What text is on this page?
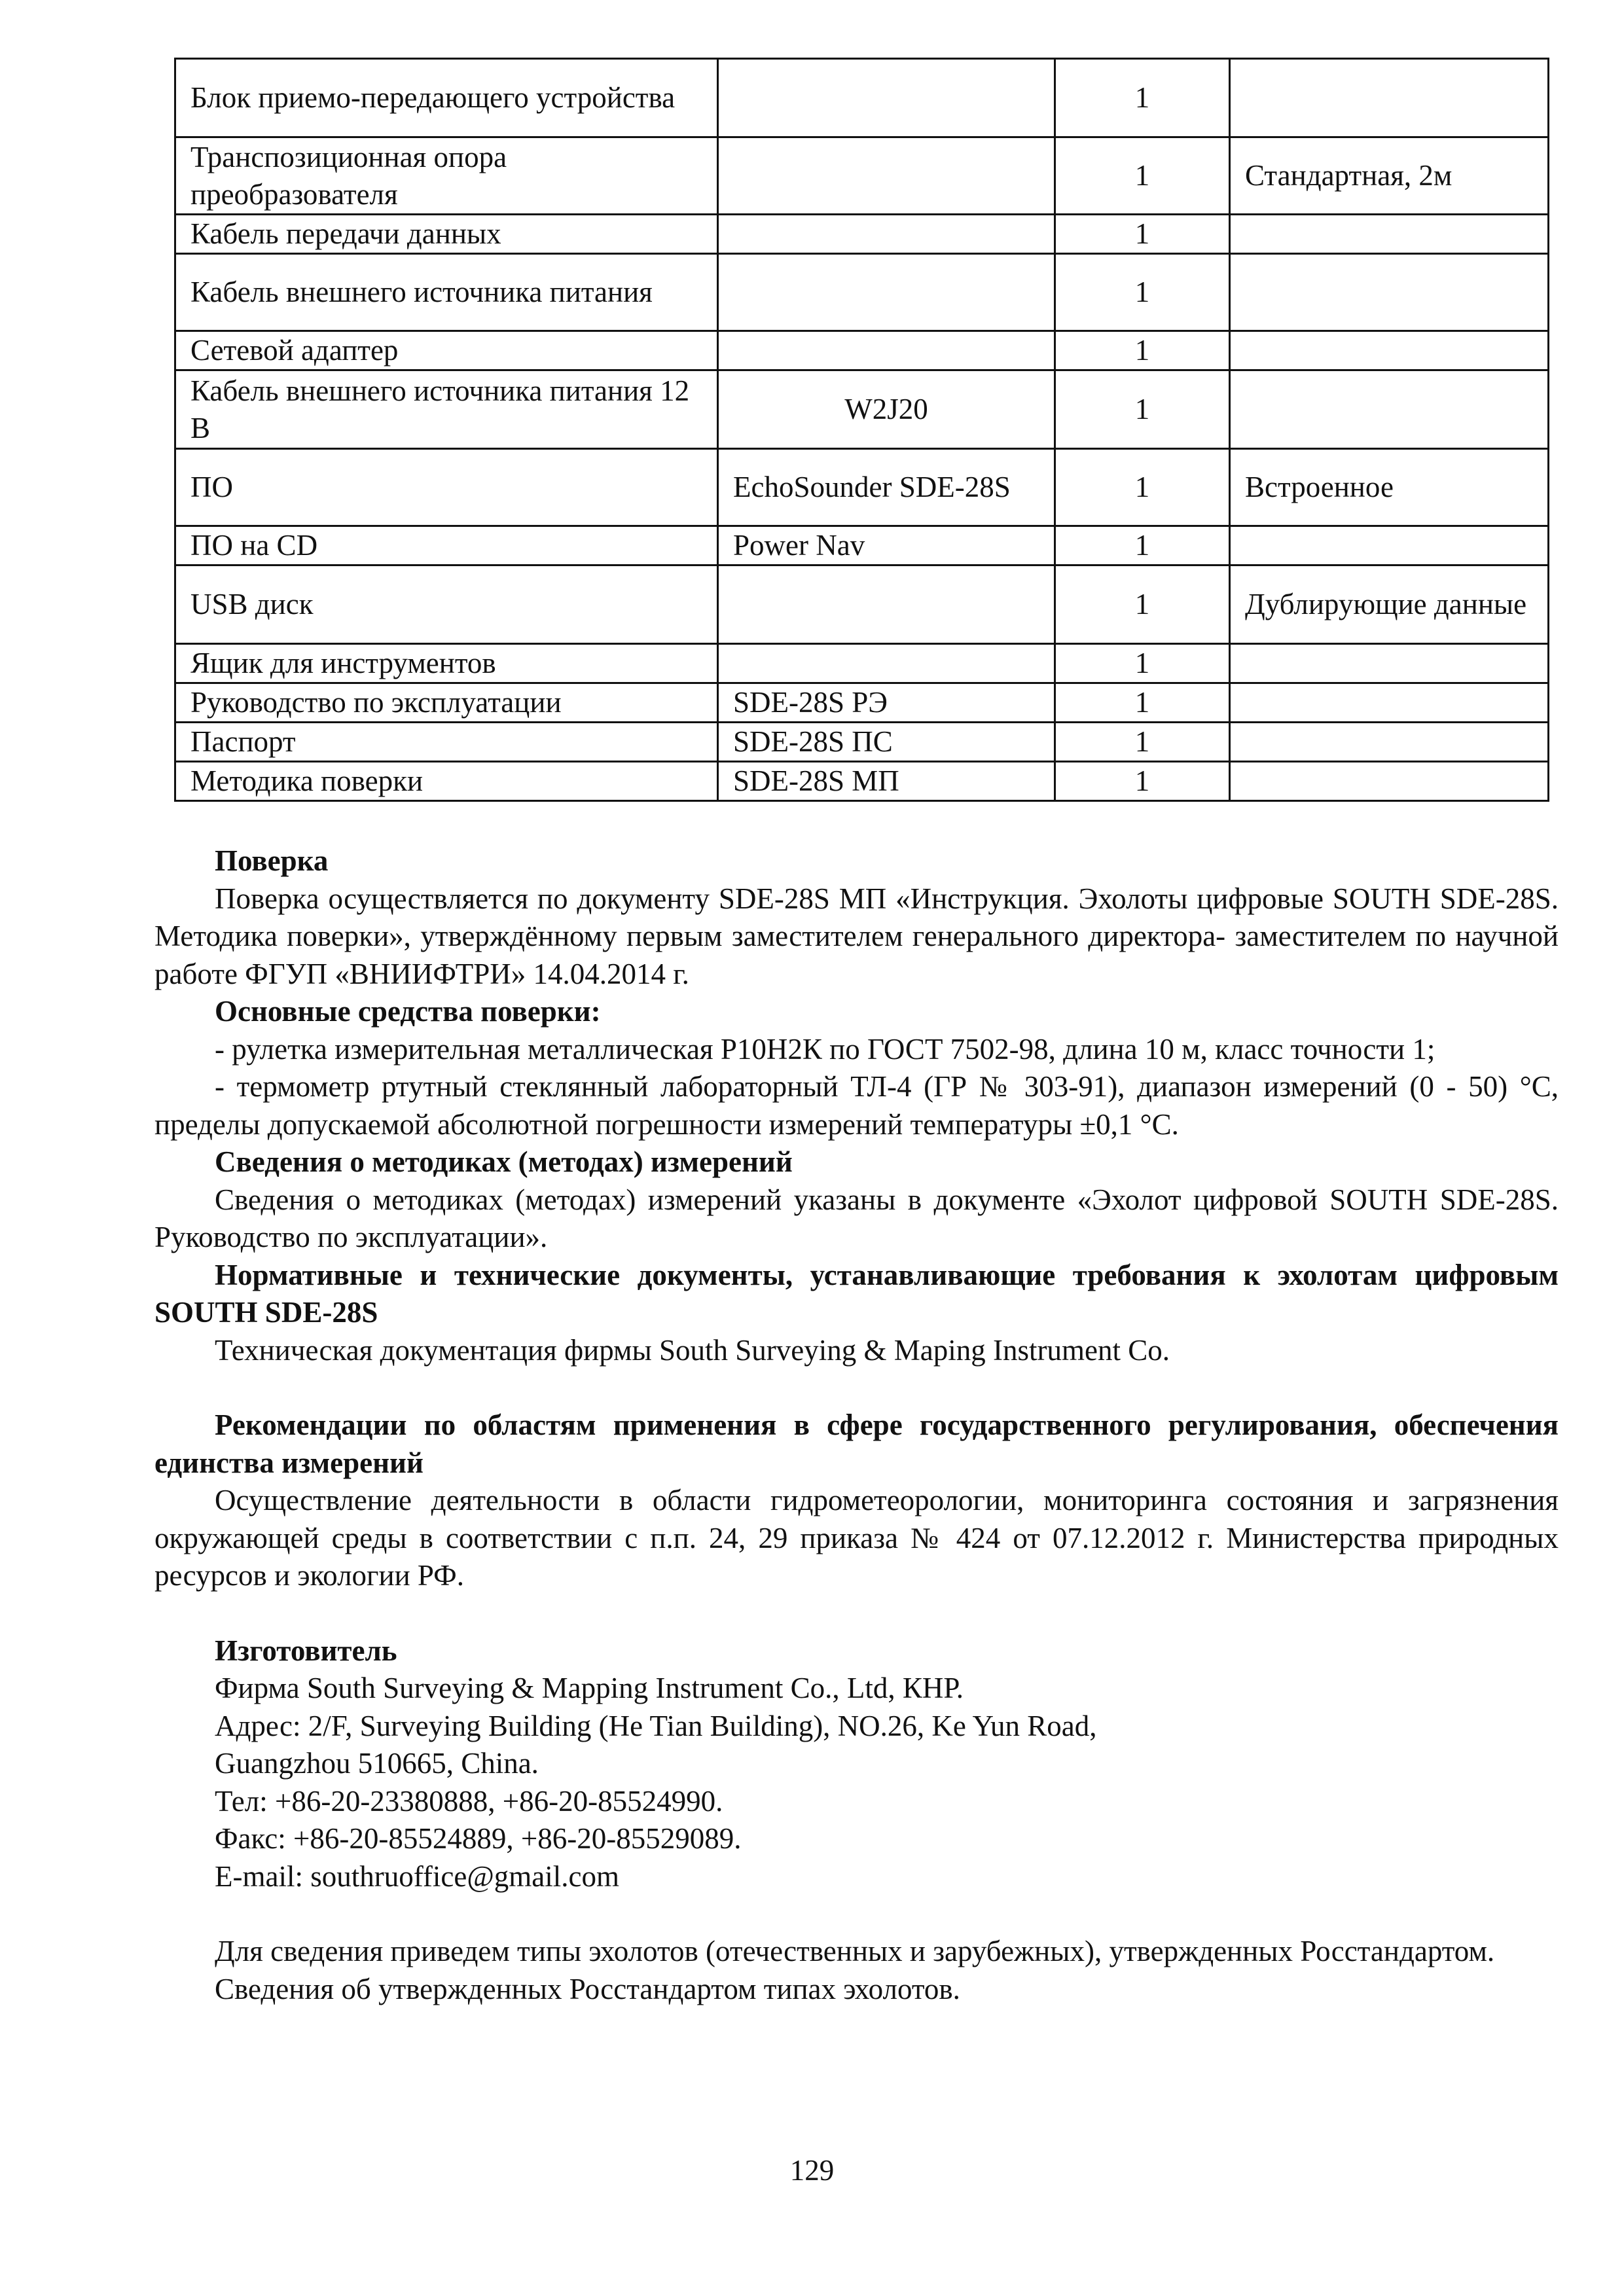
Блок приемо-передающего устройства		1	
Транспозиционная опора преобразователя		1	Стандартная, 2м
Кабель передачи данных		1	
Кабель внешнего источника питания		1	
Сетевой адаптер		1	
Кабель внешнего источника питания 12 В	W2J20	1	
ПО	EchoSounder SDE-28S	1	Встроенное
ПО на CD	Power Nav	1	
USB диск		1	Дублирующие данные
Ящик для инструментов		1	
Руководство по эксплуатации	SDE-28S РЭ	1	
Паспорт	SDE-28S ПС	1	
Методика поверки	SDE-28S МП	1	

Поверка

Поверка осуществляется по документу SDE-28S МП «Инструкция. Эхолоты цифровые SOUTH SDE-28S. Методика поверки», утверждённому первым заместителем генерального директора- заместителем по научной работе ФГУП «ВНИИФТРИ» 14.04.2014 г.

Основные средства поверки:

- рулетка измерительная металлическая Р10Н2К по ГОСТ 7502-98, длина 10 м, класс точности 1;

- термометр ртутный стеклянный лабораторный ТЛ-4 (ГР № 303-91), диапазон измерений (0 - 50) °С, пределы допускаемой абсолютной погрешности измерений температуры ±0,1 °С.

Сведения о методиках (методах) измерений

Сведения о методиках (методах) измерений указаны в документе «Эхолот цифровой SOUTH SDE-28S. Руководство по эксплуатации».

Нормативные и технические документы, устанавливающие требования к эхолотам цифровым SOUTH SDE-28S

Техническая документация фирмы South Surveying & Maping Instrument Co.

Рекомендации по областям применения в сфере государственного регулирования, обеспечения единства измерений

Осуществление деятельности в области гидрометеорологии, мониторинга состояния и загрязнения окружающей среды в соответствии с п.п. 24, 29 приказа № 424 от 07.12.2012 г. Министерства природных ресурсов и экологии РФ.

Изготовитель

Фирма South Surveying & Mapping Instrument Co., Ltd, КНР.

Адрес: 2/F, Surveying Building (He Tian Building), NO.26, Ke Yun Road,

Guangzhou 510665, China.

Тел: +86-20-23380888, +86-20-85524990.

Факс: +86-20-85524889, +86-20-85529089.

E-mail: southruoffice@gmail.com

Для сведения приведем типы эхолотов (отечественных и зарубежных), утвержденных Росстандартом.

Сведения об утвержденных Росстандартом типах эхолотов.

129
